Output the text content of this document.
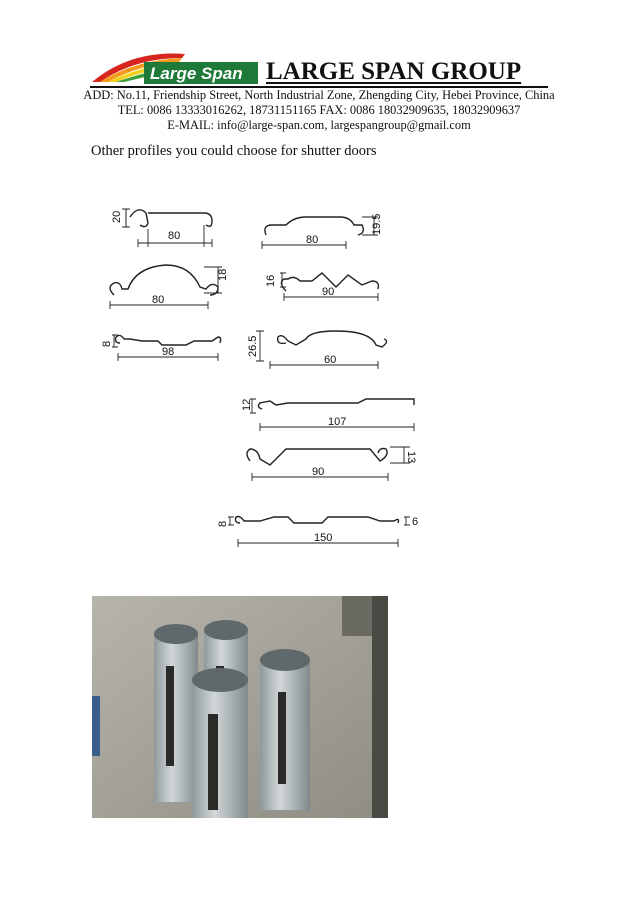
Large Span LARGE SPAN GROUP
ADD: No.11, Friendship Street, North Industrial Zone, Zhengding City, Hebei Province, China
TEL: 0086 13333016262, 18731151165 FAX: 0086 18032909635, 18032909637
E-MAIL: info@large-span.com, largespangroup@gmail.com
Other profiles you could choose for shutter doors
20
80	80
19.5
80
18	16
90
8
98	26.5
60
12
107
90
13
8
150
6
